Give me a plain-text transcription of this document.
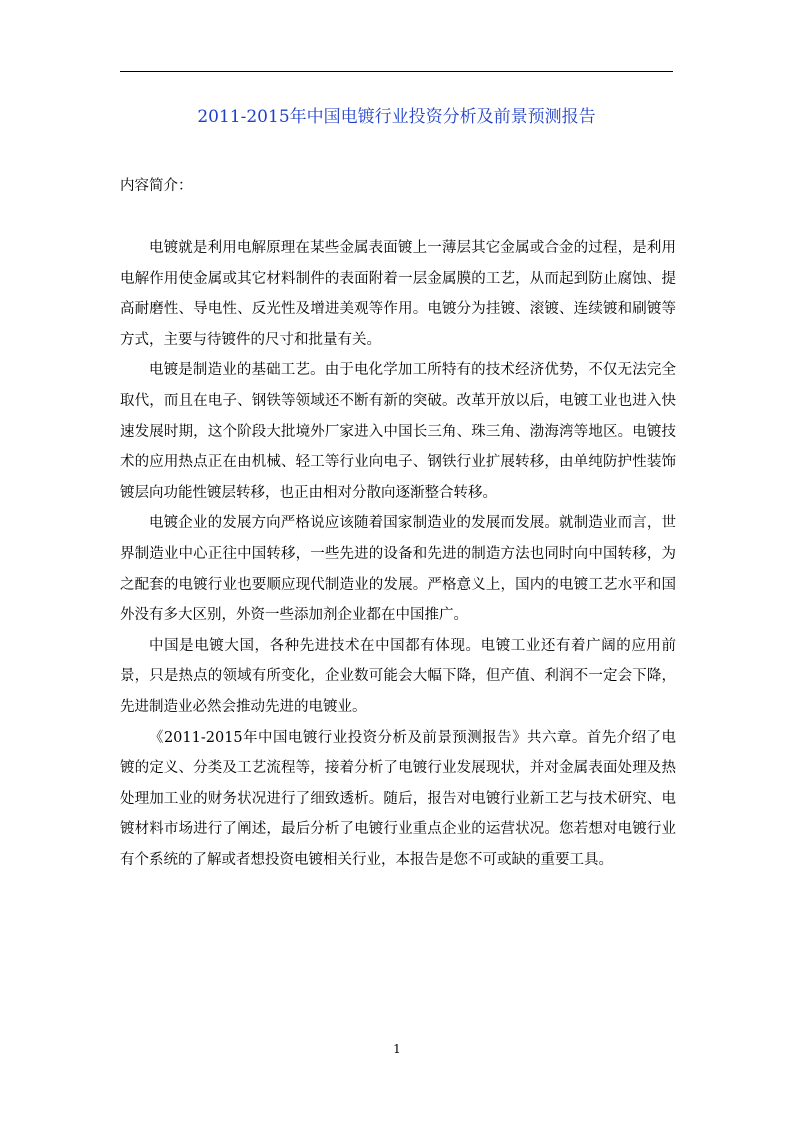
2011-2015年中国电镀行业投资分析及前景预测报告
内容简介：

电镀就是利用电解原理在某些金属表面镀上一薄层其它金属或合金的过程，是利用电解作用使金属或其它材料制件的表面附着一层金属膜的工艺，从而起到防止腐蚀、提高耐磨性、导电性、反光性及增进美观等作用。电镀分为挂镀、滚镀、连续镀和刷镀等方式，主要与待镀件的尺寸和批量有关。

电镀是制造业的基础工艺。由于电化学加工所特有的技术经济优势，不仅无法完全取代，而且在电子、钢铁等领域还不断有新的突破。改革开放以后，电镀工业也进入快速发展时期，这个阶段大批境外厂家进入中国长三角、珠三角、渤海湾等地区。电镀技术的应用热点正在由机械、轻工等行业向电子、钢铁行业扩展转移，由单纯防护性装饰镀层向功能性镀层转移，也正由相对分散向逐渐整合转移。

电镀企业的发展方向严格说应该随着国家制造业的发展而发展。就制造业而言，世界制造业中心正往中国转移，一些先进的设备和先进的制造方法也同时向中国转移，为之配套的电镀行业也要顺应现代制造业的发展。严格意义上，国内的电镀工艺水平和国外没有多大区别，外资一些添加剂企业都在中国推广。

中国是电镀大国，各种先进技术在中国都有体现。电镀工业还有着广阔的应用前景，只是热点的领域有所变化，企业数可能会大幅下降，但产值、利润不一定会下降，先进制造业必然会推动先进的电镀业。

《2011-2015年中国电镀行业投资分析及前景预测报告》共六章。首先介绍了电镀的定义、分类及工艺流程等，接着分析了电镀行业发展现状，并对金属表面处理及热处理加工业的财务状况进行了细致透析。随后，报告对电镀行业新工艺与技术研究、电镀材料市场进行了阐述，最后分析了电镀行业重点企业的运营状况。您若想对电镀行业有个系统的了解或者想投资电镀相关行业，本报告是您不可或缺的重要工具。

1
